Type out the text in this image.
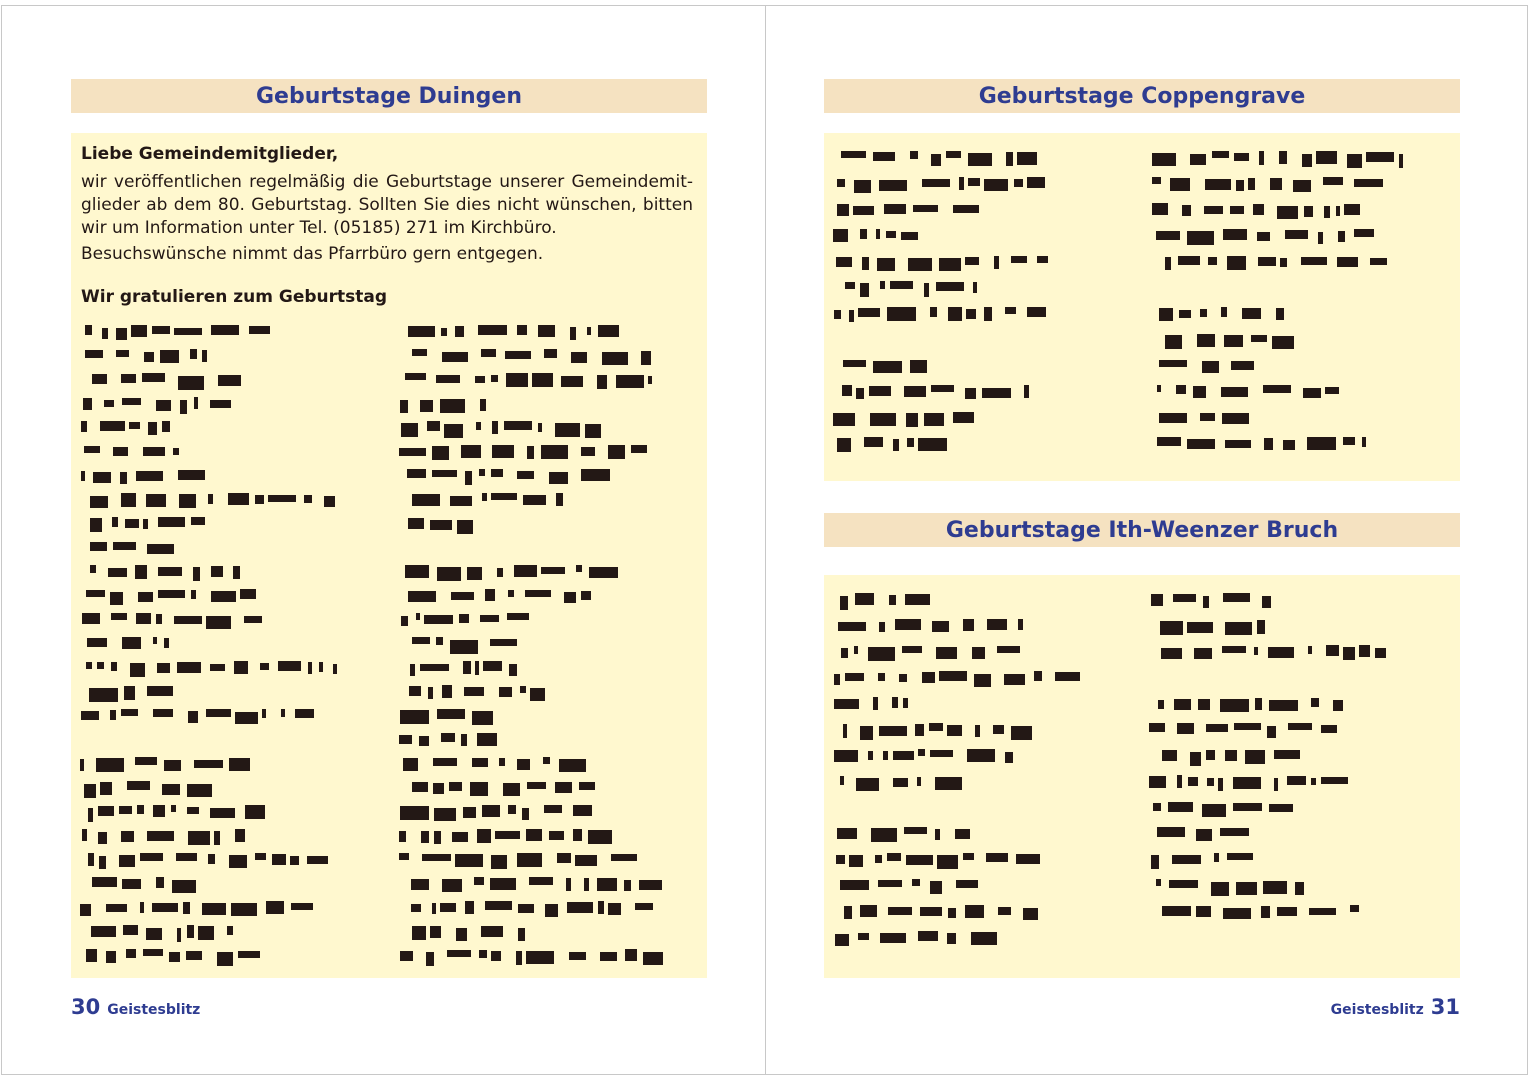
Geburtstage Duingen
Liebe Gemeindemitglieder,
wir veröffentlichen regelmäßig die Geburtstage unserer Gemeindemitglieder ab dem 80. Geburtstag. Sollten Sie dies nicht wünschen, bitten wir um Information unter Tel. (05185) 271 im Kirchbüro.
Besuchswünsche nimmt das Pfarrbüro gern entgegen.
Wir gratulieren zum Geburtstag
30 Geistesblitz
Geburtstage Coppengrave
Geburtstage Ith-Weenzer Bruch
Geistesblitz 31
